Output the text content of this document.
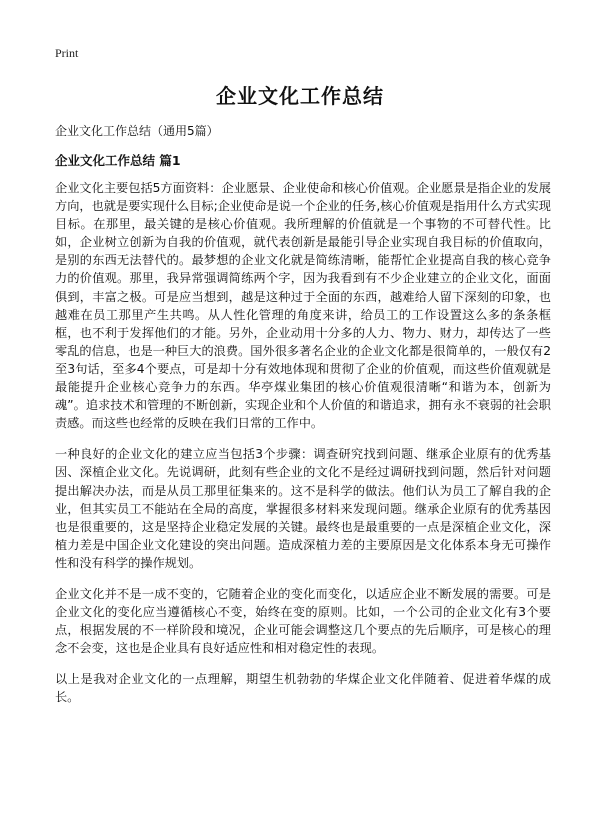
Print
企业文化工作总结
企业文化工作总结（通用5篇）
企业文化工作总结 篇1

企业文化主要包括5方面资料：企业愿景、企业使命和核心价值观。企业愿景是指企业的发展方向，也就是要实现什么目标;企业使命是说一个企业的任务,核心价值观是指用什么方式实现目标。在那里，最关键的是核心价值观。我所理解的价值就是一个事物的不可替代性。比如，企业树立创新为自我的价值观，就代表创新是最能引导企业实现自我目标的价值取向，是别的东西无法替代的。最梦想的企业文化就是简练清晰，能帮忙企业提高自我的核心竞争力的价值观。那里，我异常强调简练两个字，因为我看到有不少企业建立的企业文化，面面俱到，丰富之极。可是应当想到，越是这种过于全面的东西，越难给人留下深刻的印象，也越难在员工那里产生共鸣。从人性化管理的角度来讲，给员工的工作设置这么多的条条框框，也不利于发挥他们的才能。另外，企业动用十分多的人力、物力、财力，却传达了一些零乱的信息，也是一种巨大的浪费。国外很多著名企业的企业文化都是很简单的，一般仅有2至3句话，至多4个要点，可是却十分有效地体现和贯彻了企业的价值观，而这些价值观就是最能提升企业核心竞争力的东西。华亭煤业集团的核心价值观很清晰“和谐为本，创新为魂”。追求技术和管理的不断创新，实现企业和个人价值的和谐追求，拥有永不衰弱的社会职责感。而这些也经常的反映在我们日常的工作中。

一种良好的企业文化的建立应当包括3个步骤：调查研究找到问题、继承企业原有的优秀基因、深植企业文化。先说调研，此刻有些企业的文化不是经过调研找到问题，然后针对问题提出解决办法，而是从员工那里征集来的。这不是科学的做法。他们认为员工了解自我的企业，但其实员工不能站在全局的高度，掌握很多材料来发现问题。继承企业原有的优秀基因也是很重要的，这是坚持企业稳定发展的关键。最终也是最重要的一点是深植企业文化，深植力差是中国企业文化建设的突出问题。造成深植力差的主要原因是文化体系本身无可操作性和没有科学的操作规划。

企业文化并不是一成不变的，它随着企业的变化而变化，以适应企业不断发展的需要。可是企业文化的变化应当遵循核心不变，始终在变的原则。比如，一个公司的企业文化有3个要点，根据发展的不一样阶段和境况，企业可能会调整这几个要点的先后顺序，可是核心的理念不会变，这也是企业具有良好适应性和相对稳定性的表现。

以上是我对企业文化的一点理解，期望生机勃勃的华煤企业文化伴随着、促进着华煤的成长。
